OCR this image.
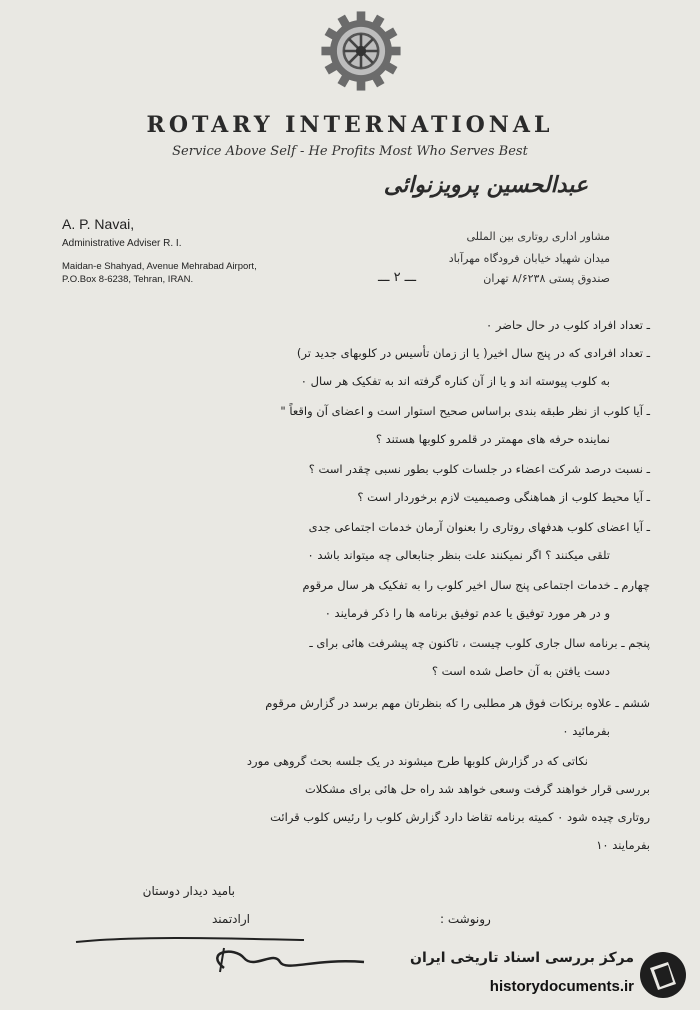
ROTARY INTERNATIONAL
Service Above Self - He Profits Most Who Serves Best
A. P. Navai,
Administrative Adviser R. I.
Maidan-e Shahyad, Avenue Mehrabad Airport,
P.O.Box 8-6238, Tehran, IRAN.
عبدالحسین پرویزنوائی
مشاور اداری روتاری بین المللی
میدان شهیاد خیابان فرودگاه مهرآباد
صندوق پستی ۸/۶۲۳۸ تهران
ـــ ۲ ـــ
ـ تعداد افراد کلوب در حال حاضر ۰
ـ تعداد افرادی که در پنج سال اخیر( یا از زمان تأسیس در کلوبهای جدید تر)
به کلوب پیوسته اند و یا از آن کناره گرفته اند به تفکیک هر سال ۰
ـ آیا کلوب از نظر طبقه بندی براساس صحیح استوار است و اعضای آن واقعاً "
نماینده حرفه های مهمتر در قلمرو کلوبها هستند ؟
ـ نسبت درصد شرکت اعضاء در جلسات کلوب بطور نسبی چقدر است ؟
ـ آیا محیط کلوب از هماهنگی وصمیمیت لازم برخوردار است ؟
ـ آیا اعضای کلوب هدفهای روتاری را بعنوان آرمان خدمات اجتماعی جدی
تلقی میکنند ؟ اگر نمیکنند علت بنظر جنابعالی چه میتواند باشد ۰
چهارم ـ خدمات اجتماعی پنج سال اخیر کلوب را به تفکیک هر سال مرقوم
و در هر مورد توفیق یا عدم توفیق برنامه ها را ذکر فرمایند ۰
پنجم ـ برنامه سال جاری کلوب چیست ، تاکنون چه پیشرفت هائی برای ـ
دست یافتن به آن حاصل شده است ؟
ششم ـ علاوه برنکات فوق هر مطلبی را که بنظرتان مهم برسد در گزارش مرقوم
بفرمائید ۰
نکاتی که در گزارش کلوبها طرح میشوند در یک جلسه بحث گروهی مورد
بررسی قرار خواهند گرفت وسعی خواهد شد راه حل هائی برای مشکلات
روتاری چیده شود ۰ کمیته برنامه تقاضا دارد گزارش کلوب را رئیس کلوب قرائت
بفرمایند ۱۰
بامید دیدار دوستان
ارادتمند	رونوشت :
مرکز بررسی اسناد تاریخی ایران
historydocuments.ir
